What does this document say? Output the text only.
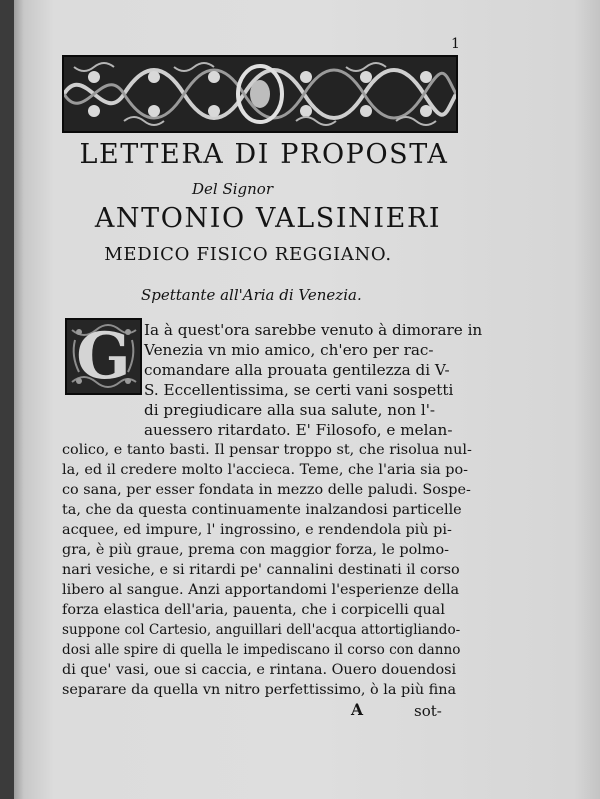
1
LETTERA DI PROPOSTA
Del Signor
ANTONIO VALSINIERI
MEDICO FISICO REGGIANO.
Spettante all'Aria di Venezia.
G Ia à quest'ora sarebbe venuto à dimorare in
Venezia vn mio amico, ch'ero per rac-
comandare alla prouata gentilezza di V-
S. Eccellentissima, se certi vani sospetti
di pregiudicare alla sua salute, non l'-
auessero ritardato. E' Filosofo, e melan-
colico, e tanto basti. Il pensar troppo st, che risolua nul-
la, ed il credere molto l'accieca. Teme, che l'aria sia po-
co sana, per esser fondata in mezzo delle paludi. Sospe-
ta, che da questa continuamente inalzandosi particelle
acquee, ed impure, l' ingrossino, e rendendola più pi-
gra, è più graue, prema con maggior forza, le polmo-
nari vesiche, e si ritardi pe' cannalini destinati il corso
libero al sangue. Anzi apportandomi l'esperienze della
forza elastica dell'aria, pauenta, che i corpicelli qual
suppone col Cartesio, anguillari dell'acqua attortigliando-
dosi alle spire di quella le impediscano il corso con danno
di que' vasi, oue si caccia, e rintana. Ouero douendosi
separare da quella vn nitro perfettissimo, ò la più fina
A	sot-
